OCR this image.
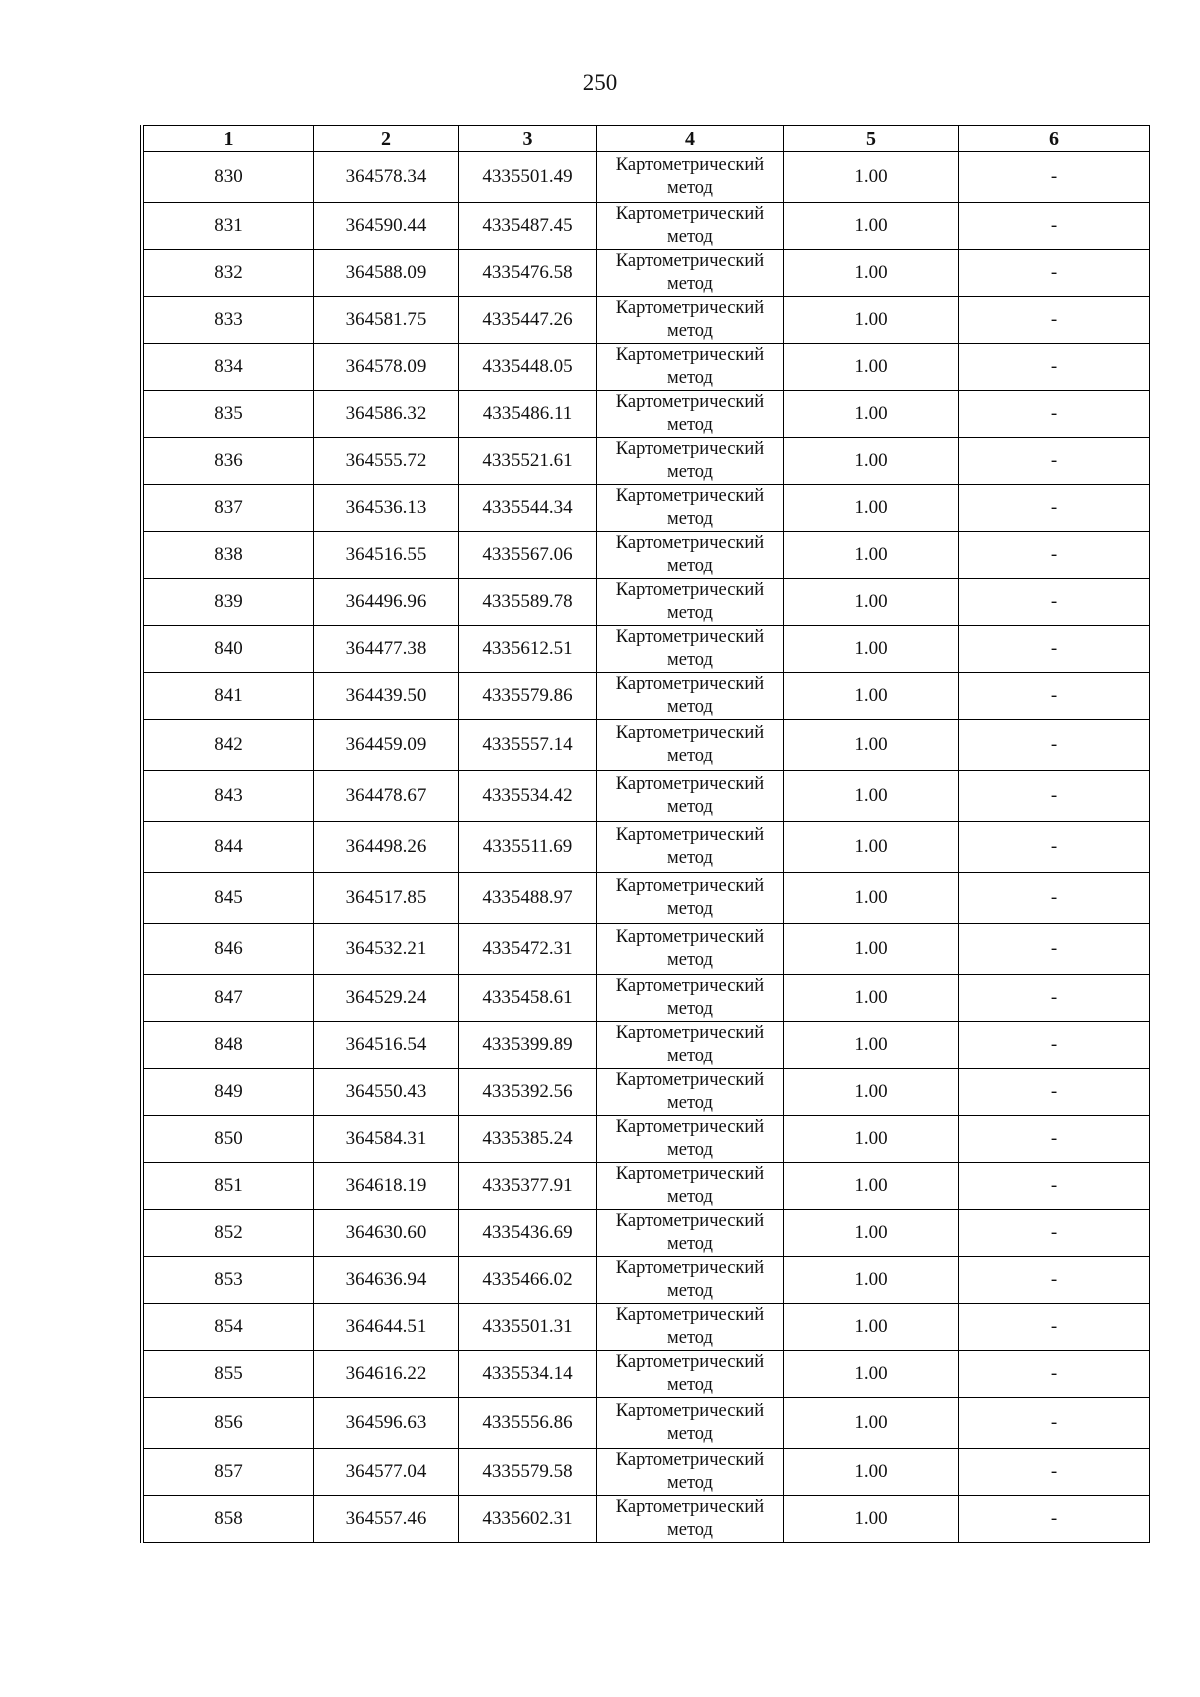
250
1	2	3	4	5	6
830	364578.34	4335501.49	Картометрический
метод	1.00	-
831	364590.44	4335487.45	Картометрический
метод	1.00	-
832	364588.09	4335476.58	Картометрический
метод	1.00	-
833	364581.75	4335447.26	Картометрический
метод	1.00	-
834	364578.09	4335448.05	Картометрический
метод	1.00	-
835	364586.32	4335486.11	Картометрический
метод	1.00	-
836	364555.72	4335521.61	Картометрический
метод	1.00	-
837	364536.13	4335544.34	Картометрический
метод	1.00	-
838	364516.55	4335567.06	Картометрический
метод	1.00	-
839	364496.96	4335589.78	Картометрический
метод	1.00	-
840	364477.38	4335612.51	Картометрический
метод	1.00	-
841	364439.50	4335579.86	Картометрический
метод	1.00	-
842	364459.09	4335557.14	Картометрический
метод	1.00	-
843	364478.67	4335534.42	Картометрический
метод	1.00	-
844	364498.26	4335511.69	Картометрический
метод	1.00	-
845	364517.85	4335488.97	Картометрический
метод	1.00	-
846	364532.21	4335472.31	Картометрический
метод	1.00	-
847	364529.24	4335458.61	Картометрический
метод	1.00	-
848	364516.54	4335399.89	Картометрический
метод	1.00	-
849	364550.43	4335392.56	Картометрический
метод	1.00	-
850	364584.31	4335385.24	Картометрический
метод	1.00	-
851	364618.19	4335377.91	Картометрический
метод	1.00	-
852	364630.60	4335436.69	Картометрический
метод	1.00	-
853	364636.94	4335466.02	Картометрический
метод	1.00	-
854	364644.51	4335501.31	Картометрический
метод	1.00	-
855	364616.22	4335534.14	Картометрический
метод	1.00	-
856	364596.63	4335556.86	Картометрический
метод	1.00	-
857	364577.04	4335579.58	Картометрический
метод	1.00	-
858	364557.46	4335602.31	Картометрический
метод	1.00	-
